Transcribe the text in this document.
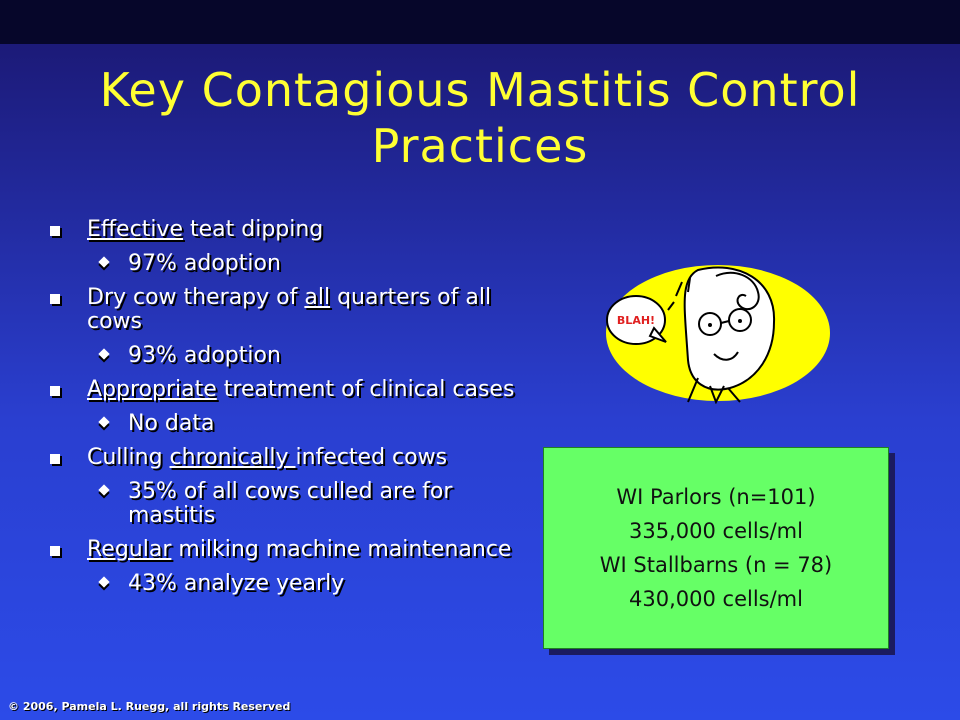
Key Contagious Mastitis Control
Practices
Effective teat dipping
97% adoption
Dry cow therapy of all quarters of all cows
93% adoption
Appropriate treatment of clinical cases
No data
Culling chronically infected cows
35% of all cows culled are for mastitis
Regular milking machine maintenance
43% analyze yearly
BLAH!
WI Parlors (n=101)
335,000 cells/ml
WI Stallbarns (n = 78)
430,000 cells/ml
© 2006, Pamela L. Ruegg, all rights Reserved
